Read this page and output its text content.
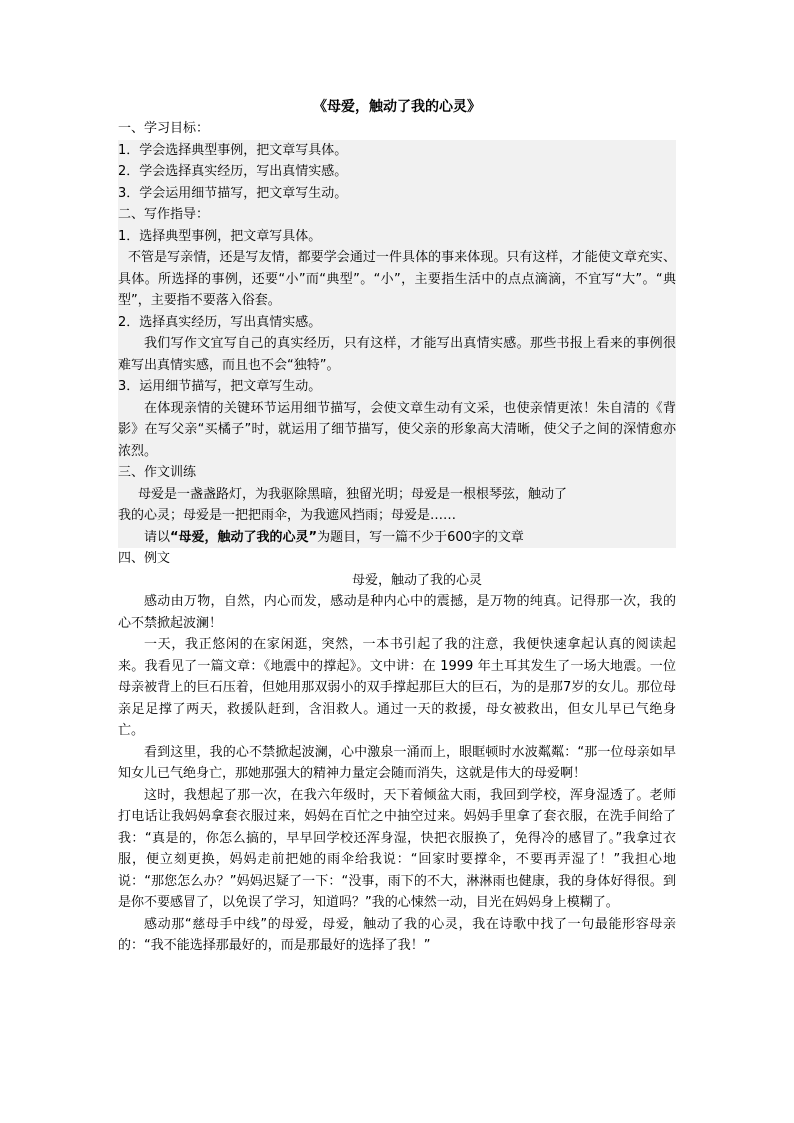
《母爱，触动了我的心灵》
一、学习目标：
1．学会选择典型事例，把文章写具体。
2．学会选择真实经历，写出真情实感。
3．学会运用细节描写，把文章写生动。
二、写作指导：
1．选择典型事例，把文章写具体。
不管是写亲情，还是写友情，都要学会通过一件具体的事来体现。只有这样，才能使文章充实、具体。所选择的事例，还要“小”而“典型”。“小”，主要指生活中的点点滴滴，不宜写“大”。“典型”，主要指不要落入俗套。
2．选择真实经历，写出真情实感。
我们写作文宜写自己的真实经历，只有这样，才能写出真情实感。那些书报上看来的事例很难写出真情实感，而且也不会“独特”。
3．运用细节描写，把文章写生动。
在体现亲情的关键环节运用细节描写，会使文章生动有文采，也使亲情更浓！朱自清的《背影》在写父亲“买橘子”时，就运用了细节描写，使父亲的形象高大清晰，使父子之间的深情愈亦浓烈。
三、作文训练
母爱是一盏盏路灯，为我驱除黑暗，独留光明；母爱是一根根琴弦，触动了
我的心灵；母爱是一把把雨伞，为我遮风挡雨；母爱是……
请以“母爱，触动了我的心灵”为题目，写一篇不少于600字的文章
四、例文
母爱，触动了我的心灵
感动由万物，自然，内心而发，感动是种内心中的震撼，是万物的纯真。记得那一次，我的心不禁掀起波澜！
一天，我正悠闲的在家闲逛，突然，一本书引起了我的注意，我便快速拿起认真的阅读起来。我看见了一篇文章：《地震中的撑起》。文中讲：在 1999 年土耳其发生了一场大地震。一位母亲被背上的巨石压着，但她用那双弱小的双手撑起那巨大的巨石，为的是那7岁的女儿。那位母亲足足撑了两天，救援队赶到，含泪救人。通过一天的救援，母女被救出，但女儿早已气绝身亡。
看到这里，我的心不禁掀起波澜，心中激泉一涌而上，眼眶顿时水波粼粼：“那一位母亲如早知女儿已气绝身亡，那她那强大的精神力量定会随而消失，这就是伟大的母爱啊！
这时，我想起了那一次，在我六年级时，天下着倾盆大雨，我回到学校，浑身湿透了。老师打电话让我妈妈拿套衣服过来，妈妈在百忙之中抽空过来。妈妈手里拿了套衣服，在洗手间给了我：“真是的，你怎么搞的，早早回学校还浑身湿，快把衣服换了，免得冷的感冒了。”我拿过衣服，便立刻更换，妈妈走前把她的雨伞给我说：“回家时要撑伞，不要再弄湿了！”我担心地说：“那您怎么办？”妈妈迟疑了一下：“没事，雨下的不大，淋淋雨也健康，我的身体好得很。到是你不要感冒了，以免误了学习，知道吗？”我的心悚然一动，目光在妈妈身上模糊了。
感动那“慈母手中线”的母爱，母爱，触动了我的心灵，我在诗歌中找了一句最能形容母亲的：“我不能选择那最好的，而是那最好的选择了我！”
